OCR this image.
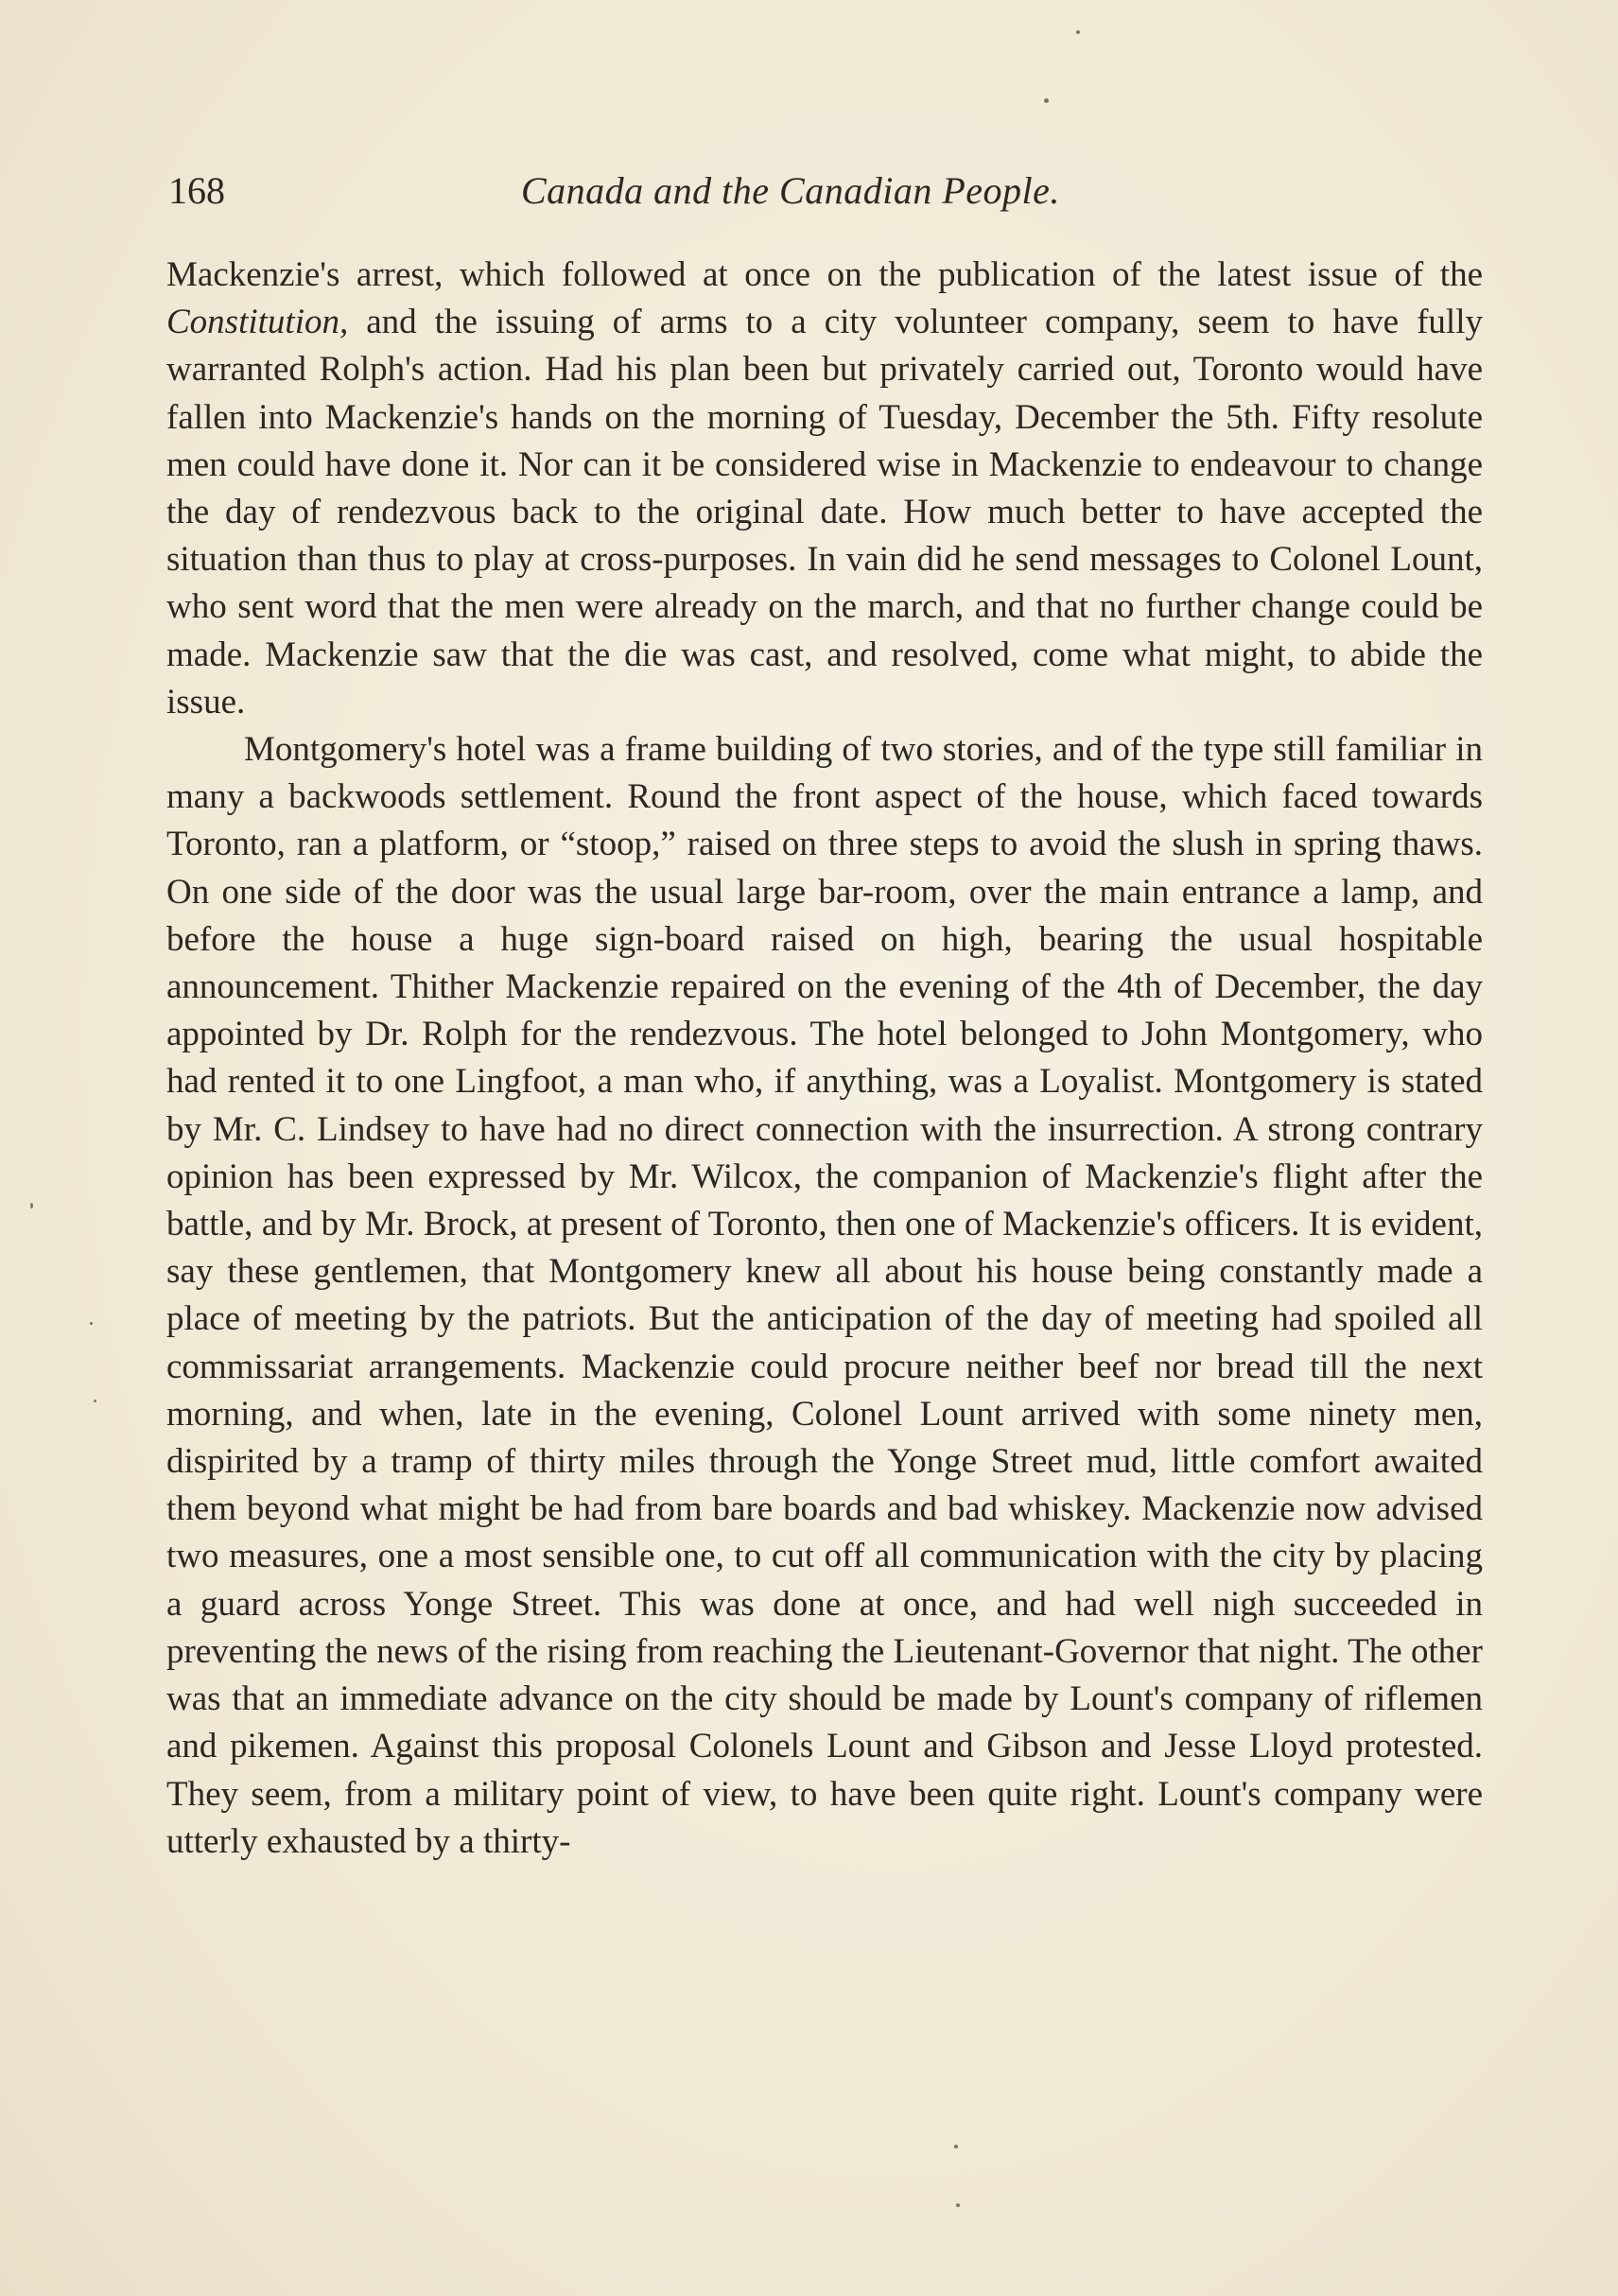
168	Canada and the Canadian People.

Mackenzie's arrest, which followed at once on the publication of the latest issue of the Constitution, and the issuing of arms to a city volunteer company, seem to have fully warranted Rolph's action. Had his plan been but privately carried out, Toronto would have fallen into Mackenzie's hands on the morning of Tuesday, December the 5th. Fifty resolute men could have done it. Nor can it be considered wise in Mackenzie to endeavour to change the day of rendezvous back to the original date. How much better to have accepted the situation than thus to play at cross-purposes. In vain did he send messages to Colonel Lount, who sent word that the men were already on the march, and that no further change could be made. Mackenzie saw that the die was cast, and resolved, come what might, to abide the issue.

Montgomery's hotel was a frame building of two stories, and of the type still familiar in many a backwoods settlement. Round the front aspect of the house, which faced towards Toronto, ran a platform, or “stoop,” raised on three steps to avoid the slush in spring thaws. On one side of the door was the usual large bar-room, over the main entrance a lamp, and before the house a huge sign-board raised on high, bearing the usual hospitable announcement. Thither Mackenzie repaired on the evening of the 4th of December, the day appointed by Dr. Rolph for the rendezvous. The hotel belonged to John Montgomery, who had rented it to one Lingfoot, a man who, if anything, was a Loyalist. Montgomery is stated by Mr. C. Lindsey to have had no direct connection with the insurrection. A strong contrary opinion has been expressed by Mr. Wilcox, the companion of Mackenzie's flight after the battle, and by Mr. Brock, at present of Toronto, then one of Mackenzie's officers. It is evident, say these gentlemen, that Montgomery knew all about his house being constantly made a place of meeting by the patriots. But the anticipation of the day of meeting had spoiled all commissariat arrangements. Mackenzie could procure neither beef nor bread till the next morning, and when, late in the evening, Colonel Lount arrived with some ninety men, dispirited by a tramp of thirty miles through the Yonge Street mud, little comfort awaited them beyond what might be had from bare boards and bad whiskey. Mackenzie now advised two measures, one a most sensible one, to cut off all communication with the city by placing a guard across Yonge Street. This was done at once, and had well nigh succeeded in preventing the news of the rising from reaching the Lieutenant-Governor that night. The other was that an immediate advance on the city should be made by Lount's company of riflemen and pikemen. Against this proposal Colonels Lount and Gibson and Jesse Lloyd protested. They seem, from a military point of view, to have been quite right. Lount's company were utterly exhausted by a thirty-
